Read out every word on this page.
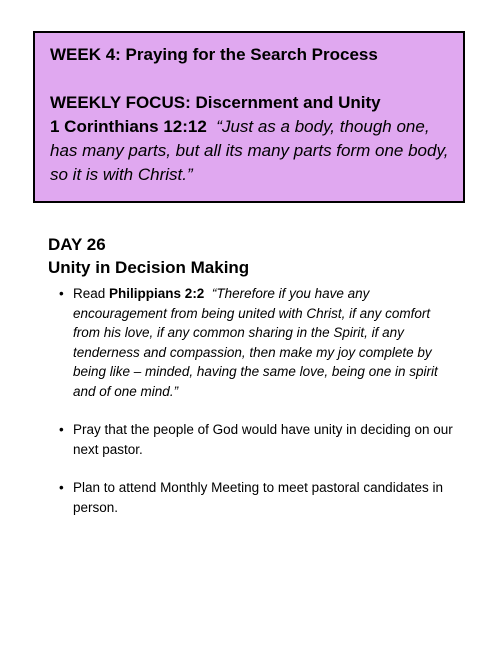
WEEK 4: Praying for the Search Process

WEEKLY FOCUS: Discernment and Unity

1 Corinthians 12:12 “Just as a body, though one, has many parts, but all its many parts form one body, so it is with Christ.”

DAY 26

Unity in Decision Making

• Read Philippians 2:2 “Therefore if you have any encouragement from being united with Christ, if any comfort from his love, if any common sharing in the Spirit, if any tenderness and compassion, then make my joy complete by being like – minded, having the same love, being one in spirit and of one mind.”
• Pray that the people of God would have unity in deciding on our next pastor.
• Plan to attend Monthly Meeting to meet pastoral candidates in person.
